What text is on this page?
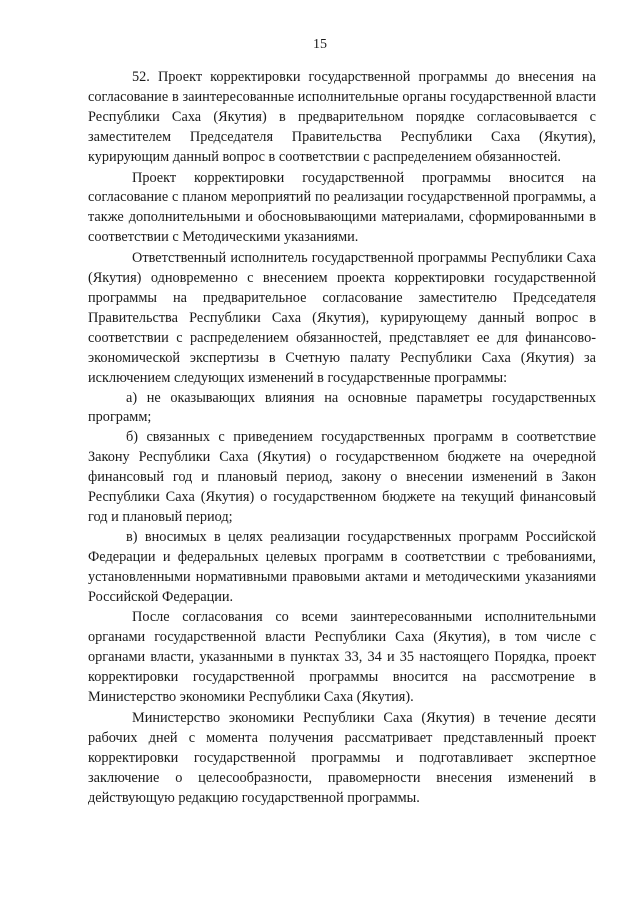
15

52. Проект корректировки государственной программы до внесения на согласование в заинтересованные исполнительные органы государственной власти Республики Саха (Якутия) в предварительном порядке согласовывается с заместителем Председателя Правительства Республики Саха (Якутия), курирующим данный вопрос в соответствии с распределением обязанностей.

Проект корректировки государственной программы вносится на согласование с планом мероприятий по реализации государственной программы, а также дополнительными и обосновывающими материалами, сформированными в соответствии с Методическими указаниями.

Ответственный исполнитель государственной программы Республики Саха (Якутия) одновременно с внесением проекта корректировки государственной программы на предварительное согласование заместителю Председателя Правительства Республики Саха (Якутия), курирующему данный вопрос в соответствии с распределением обязанностей, представляет ее для финансово-экономической экспертизы в Счетную палату Республики Саха (Якутия) за исключением следующих изменений в государственные программы:

а) не оказывающих влияния на основные параметры государственных программ;

б) связанных с приведением государственных программ в соответствие Закону Республики Саха (Якутия) о государственном бюджете на очередной финансовый год и плановый период, закону о внесении изменений в Закон Республики Саха (Якутия) о государственном бюджете на текущий финансовый год и плановый период;

в) вносимых в целях реализации государственных программ Российской Федерации и федеральных целевых программ в соответствии с требованиями, установленными нормативными правовыми актами и методическими указаниями Российской Федерации.

После согласования со всеми заинтересованными исполнительными органами государственной власти Республики Саха (Якутия), в том числе с органами власти, указанными в пунктах 33, 34 и 35 настоящего Порядка, проект корректировки государственной программы вносится на рассмотрение в Министерство экономики Республики Саха (Якутия).

Министерство экономики Республики Саха (Якутия) в течение десяти рабочих дней с момента получения рассматривает представленный проект корректировки государственной программы и подготавливает экспертное заключение о целесообразности, правомерности внесения изменений в действующую редакцию государственной программы.
